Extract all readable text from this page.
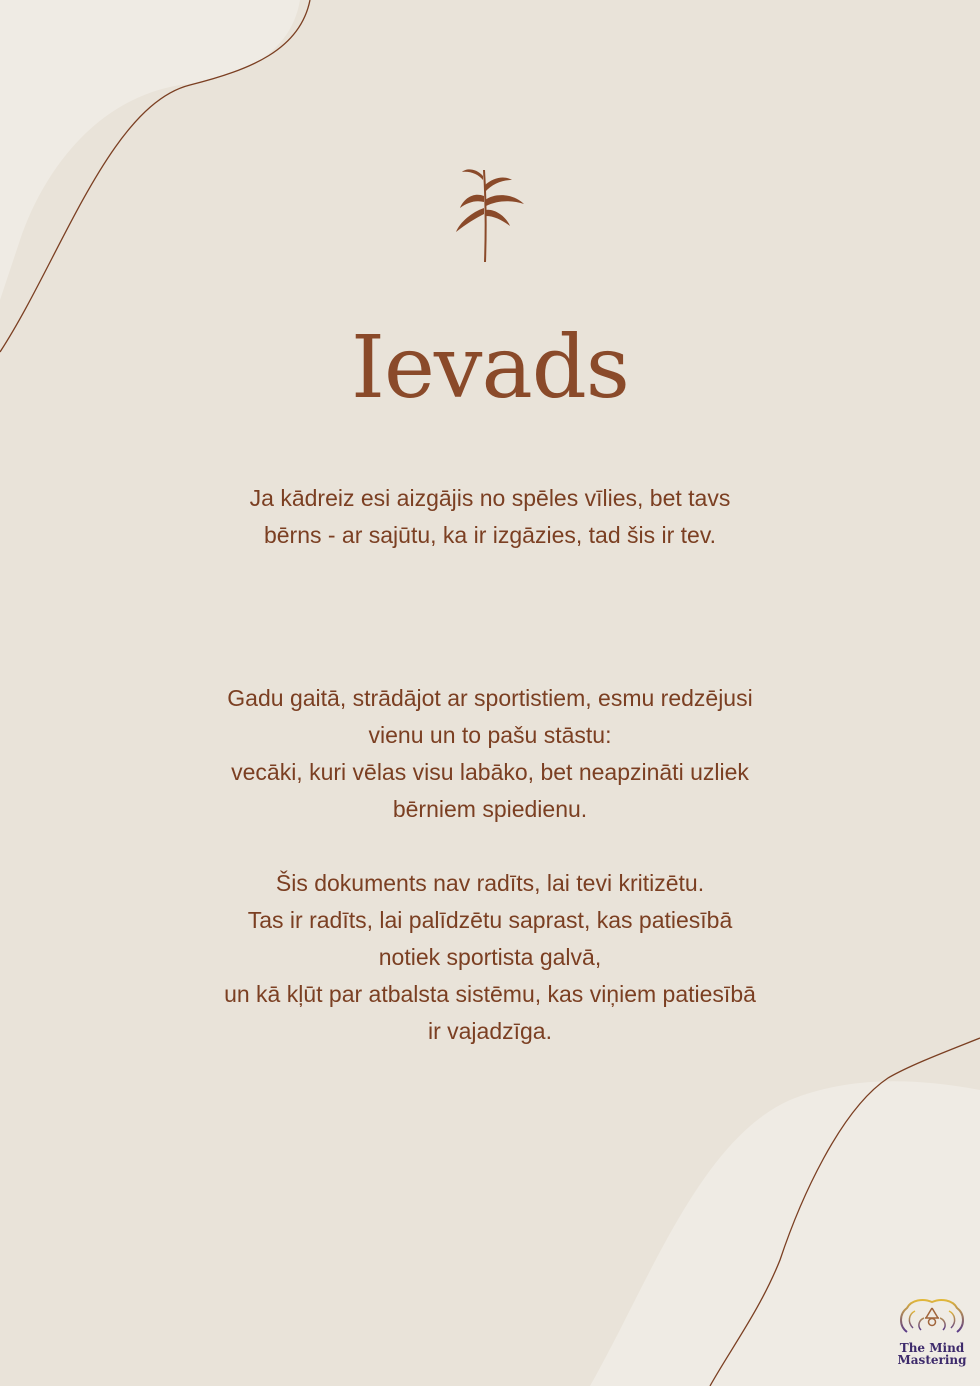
Ievads

Ja kādreiz esi aizgājis no spēles vīlies, bet tavs
bērns - ar sajūtu, ka ir izgāzies, tad šis ir tev.

Gadu gaitā, strādājot ar sportistiem, esmu redzējusi
vienu un to pašu stāstu:
vecāki, kuri vēlas visu labāko, bet neapzināti uzliek
bērniem spiedienu.

Šis dokuments nav radīts, lai tevi kritizētu.
Tas ir radīts, lai palīdzētu saprast, kas patiesībā
notiek sportista galvā,
un kā kļūt par atbalsta sistēmu, kas viņiem patiesībā
ir vajadzīga.

The Mind
Mastering
